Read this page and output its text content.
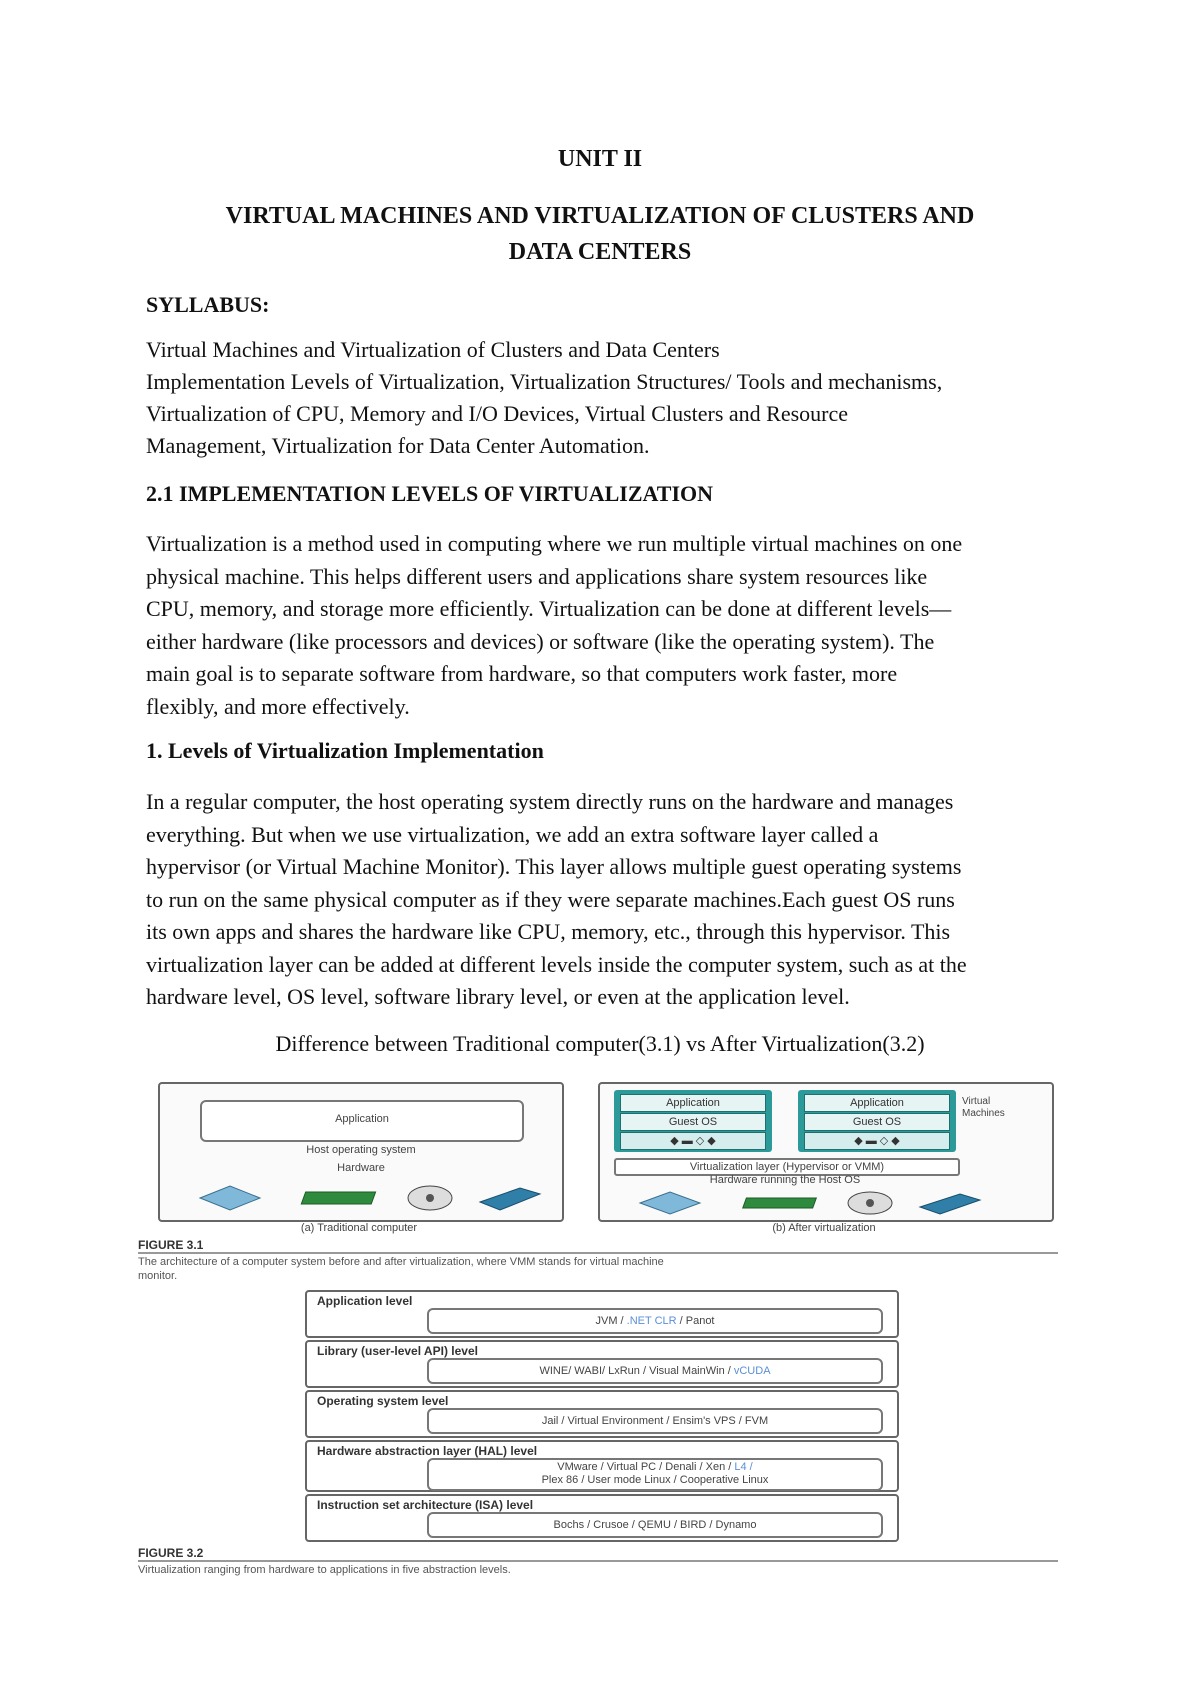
UNIT II
VIRTUAL MACHINES AND VIRTUALIZATION OF CLUSTERS AND
DATA CENTERS
SYLLABUS:
Virtual Machines and Virtualization of Clusters and Data Centers
Implementation Levels of Virtualization, Virtualization Structures/ Tools and mechanisms,
Virtualization of CPU, Memory and I/O Devices, Virtual Clusters and Resource
Management, Virtualization for Data Center Automation.
2.1 IMPLEMENTATION LEVELS OF VIRTUALIZATION
Virtualization is a method used in computing where we run multiple virtual machines on one
physical machine. This helps different users and applications share system resources like
CPU, memory, and storage more efficiently. Virtualization can be done at different levels—
either hardware (like processors and devices) or software (like the operating system). The
main goal is to separate software from hardware, so that computers work faster, more
flexibly, and more effectively.
1. Levels of Virtualization Implementation
In a regular computer, the host operating system directly runs on the hardware and manages
everything. But when we use virtualization, we add an extra software layer called a
hypervisor (or Virtual Machine Monitor). This layer allows multiple guest operating systems
to run on the same physical computer as if they were separate machines.Each guest OS runs
its own apps and shares the hardware like CPU, memory, etc., through this hypervisor. This
virtualization layer can be added at different levels inside the computer system, such as at the
hardware level, OS level, software library level, or even at the application level.
Difference between Traditional computer(3.1) vs After Virtualization(3.2)
Application
Host operating system
Hardware
(a) Traditional computer
Application
Guest OS
◆ ▬ ◇ ◆
Application
Guest OS
◆ ▬ ◇ ◆
Virtual
Machines
Virtualization layer (Hypervisor or VMM)
Hardware running the Host OS
(b) After virtualization
FIGURE 3.1
The architecture of a computer system before and after virtualization, where VMM stands for virtual machine
monitor.
Application level
JVM / .NET CLR / Panot
Library (user-level API) level
WINE/ WABI/ LxRun / Visual MainWin / vCUDA
Operating system level
Jail / Virtual Environment / Ensim's VPS / FVM
Hardware abstraction layer (HAL) level
VMware / Virtual PC / Denali / Xen / L4 /
Plex 86 / User mode Linux / Cooperative Linux
Instruction set architecture (ISA) level
Bochs / Crusoe / QEMU / BIRD / Dynamo
FIGURE 3.2
Virtualization ranging from hardware to applications in five abstraction levels.
